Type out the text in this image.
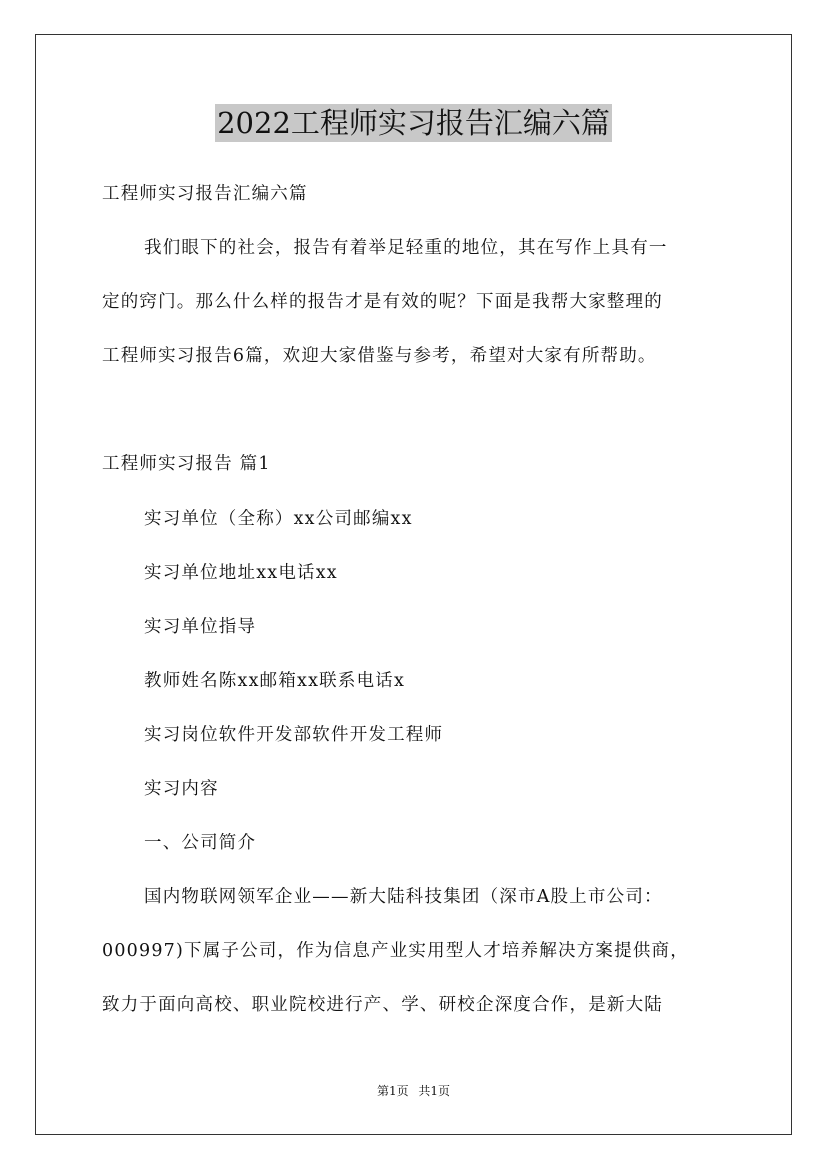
2022工程师实习报告汇编六篇
工程师实习报告汇编六篇
我们眼下的社会，报告有着举足轻重的地位，其在写作上具有一
定的窍门。那么什么样的报告才是有效的呢？下面是我帮大家整理的
工程师实习报告6篇，欢迎大家借鉴与参考，希望对大家有所帮助。
工程师实习报告 篇1
实习单位（全称）xx公司邮编xx
实习单位地址xx电话xx
实习单位指导
教师姓名陈xx邮箱xx联系电话x
实习岗位软件开发部软件开发工程师
实习内容
一、公司简介
国内物联网领军企业——新大陆科技集团（深市A股上市公司：
000997)下属子公司，作为信息产业实用型人才培养解决方案提供商，
致力于面向高校、职业院校进行产、学、研校企深度合作，是新大陆
第1页 共1页
